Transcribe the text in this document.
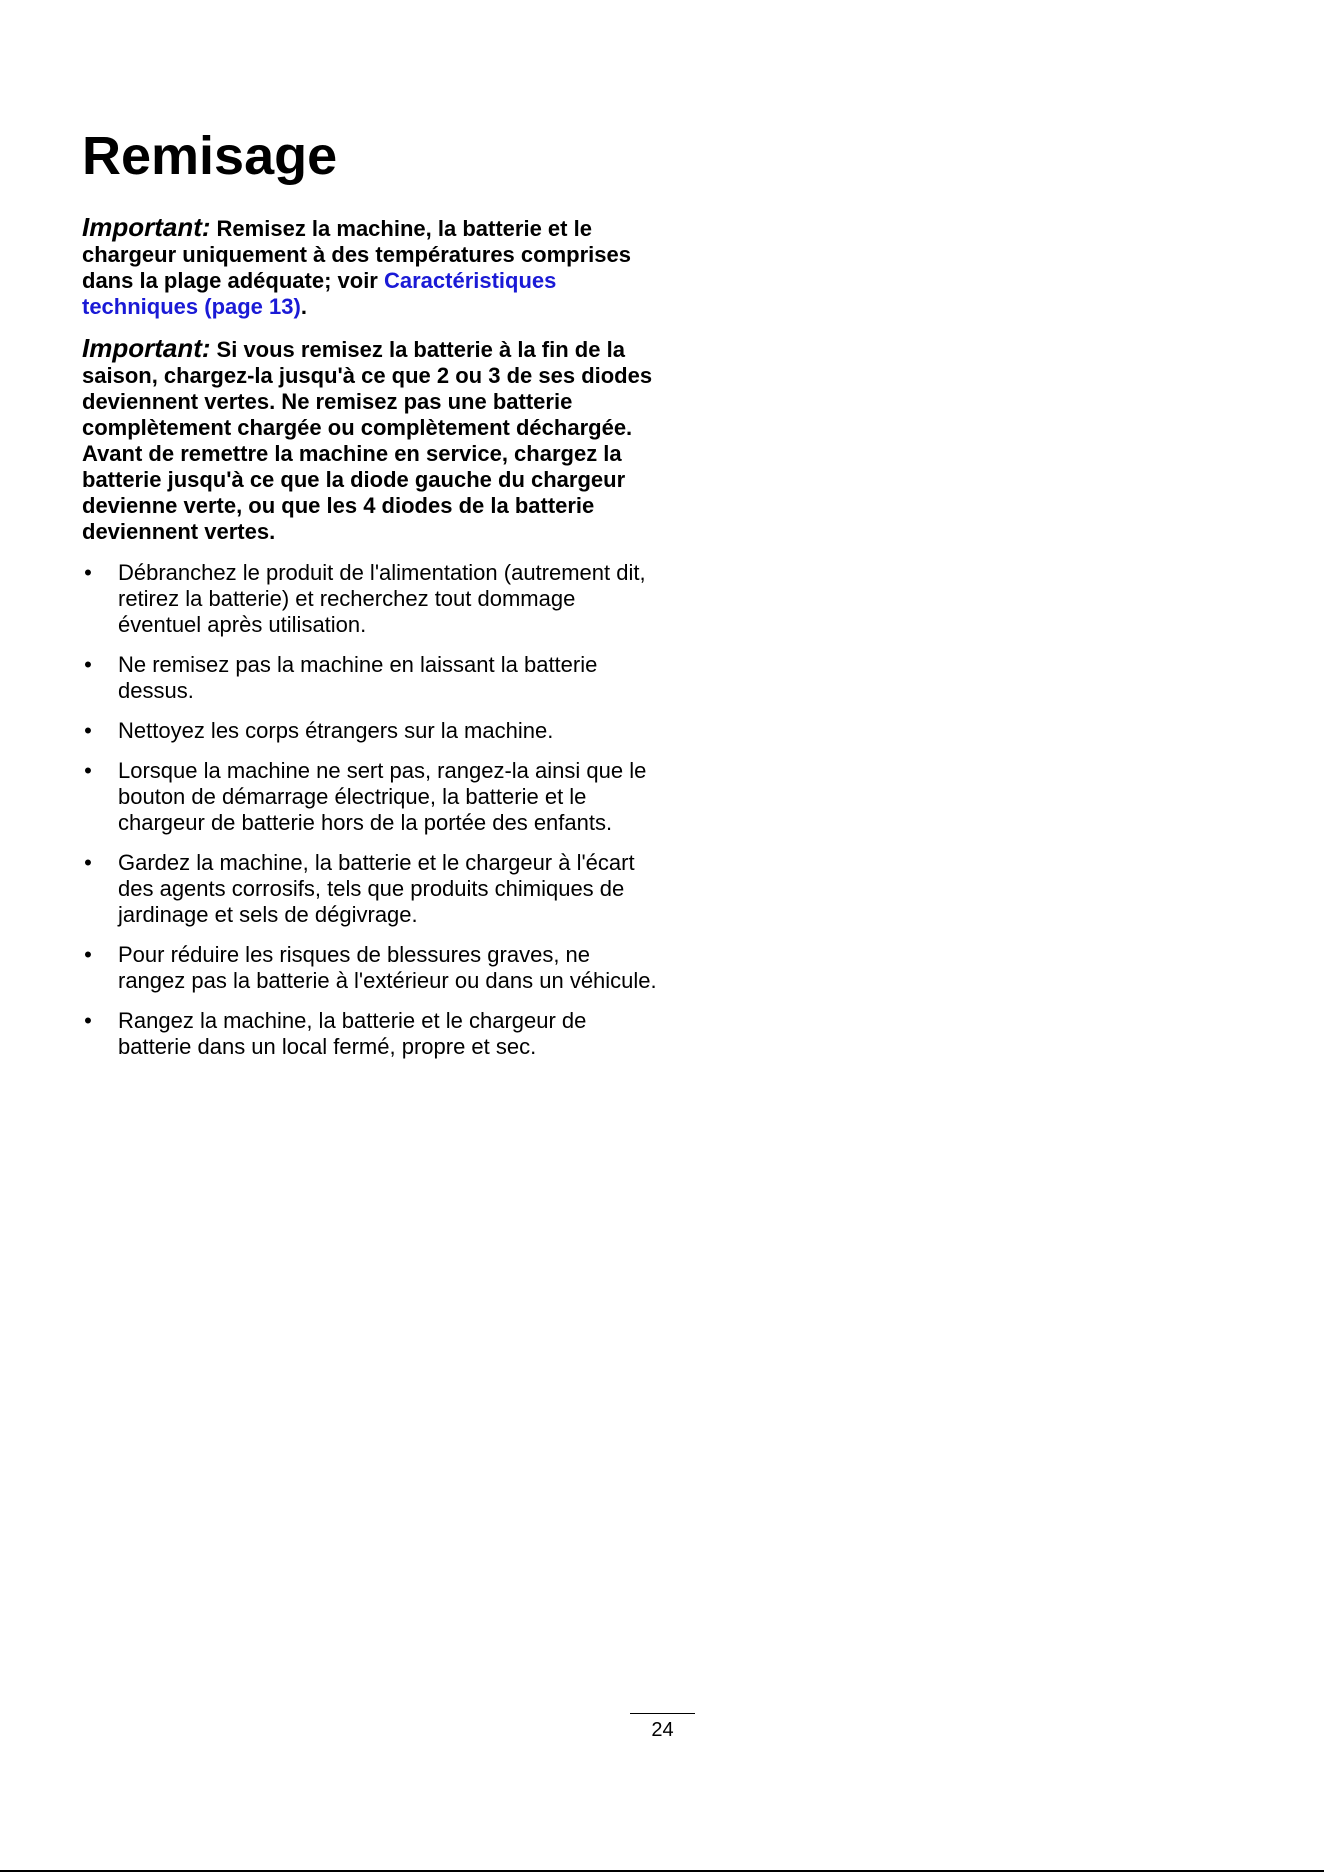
Remisage

Important: Remisez la machine, la batterie et le chargeur uniquement à des températures comprises dans la plage adéquate; voir Caractéristiques techniques (page 13).

Important: Si vous remisez la batterie à la fin de la saison, chargez-la jusqu'à ce que 2 ou 3 de ses diodes deviennent vertes. Ne remisez pas une batterie complètement chargée ou complètement déchargée. Avant de remettre la machine en service, chargez la batterie jusqu'à ce que la diode gauche du chargeur devienne verte, ou que les 4 diodes de la batterie deviennent vertes.

• Débranchez le produit de l'alimentation (autrement dit, retirez la batterie) et recherchez tout dommage éventuel après utilisation.
• Ne remisez pas la machine en laissant la batterie dessus.
• Nettoyez les corps étrangers sur la machine.
• Lorsque la machine ne sert pas, rangez-la ainsi que le bouton de démarrage électrique, la batterie et le chargeur de batterie hors de la portée des enfants.
• Gardez la machine, la batterie et le chargeur à l'écart des agents corrosifs, tels que produits chimiques de jardinage et sels de dégivrage.
• Pour réduire les risques de blessures graves, ne rangez pas la batterie à l'extérieur ou dans un véhicule.
• Rangez la machine, la batterie et le chargeur de batterie dans un local fermé, propre et sec.
24
